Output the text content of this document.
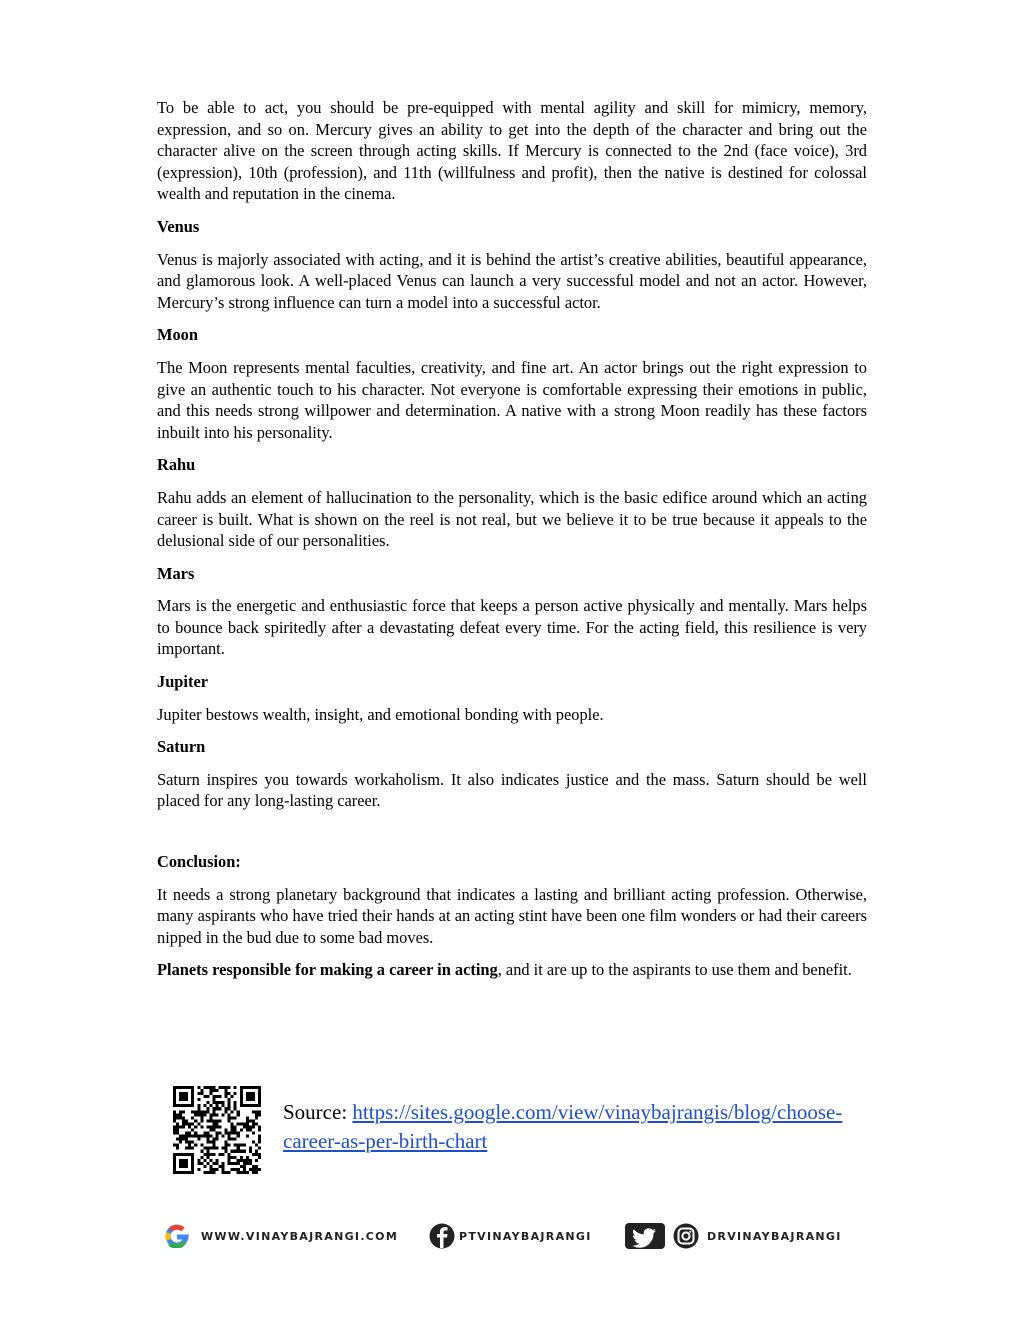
To be able to act, you should be pre-equipped with mental agility and skill for mimicry, memory, expression, and so on. Mercury gives an ability to get into the depth of the character and bring out the character alive on the screen through acting skills. If Mercury is connected to the 2nd (face voice), 3rd (expression), 10th (profession), and 11th (willfulness and profit), then the native is destined for colossal wealth and reputation in the cinema.

Venus

Venus is majorly associated with acting, and it is behind the artist’s creative abilities, beautiful appearance, and glamorous look. A well-placed Venus can launch a very successful model and not an actor. However, Mercury’s strong influence can turn a model into a successful actor.

Moon

The Moon represents mental faculties, creativity, and fine art. An actor brings out the right expression to give an authentic touch to his character. Not everyone is comfortable expressing their emotions in public, and this needs strong willpower and determination. A native with a strong Moon readily has these factors inbuilt into his personality.

Rahu

Rahu adds an element of hallucination to the personality, which is the basic edifice around which an acting career is built. What is shown on the reel is not real, but we believe it to be true because it appeals to the delusional side of our personalities.

Mars

Mars is the energetic and enthusiastic force that keeps a person active physically and mentally. Mars helps to bounce back spiritedly after a devastating defeat every time. For the acting field, this resilience is very important.

Jupiter

Jupiter bestows wealth, insight, and emotional bonding with people.

Saturn

Saturn inspires you towards workaholism. It also indicates justice and the mass. Saturn should be well placed for any long-lasting career.

Conclusion:

It needs a strong planetary background that indicates a lasting and brilliant acting profession. Otherwise, many aspirants who have tried their hands at an acting stint have been one film wonders or had their careers nipped in the bud due to some bad moves.

Planets responsible for making a career in acting, and it are up to the aspirants to use them and benefit.

Source: https://sites.google.com/view/vinaybajrangis/blog/choose-
career-as-per-birth-chart
WWW.VINAYBAJRANGI.COM	PTVINAYBAJRANGI	DRVINAYBAJRANGI
